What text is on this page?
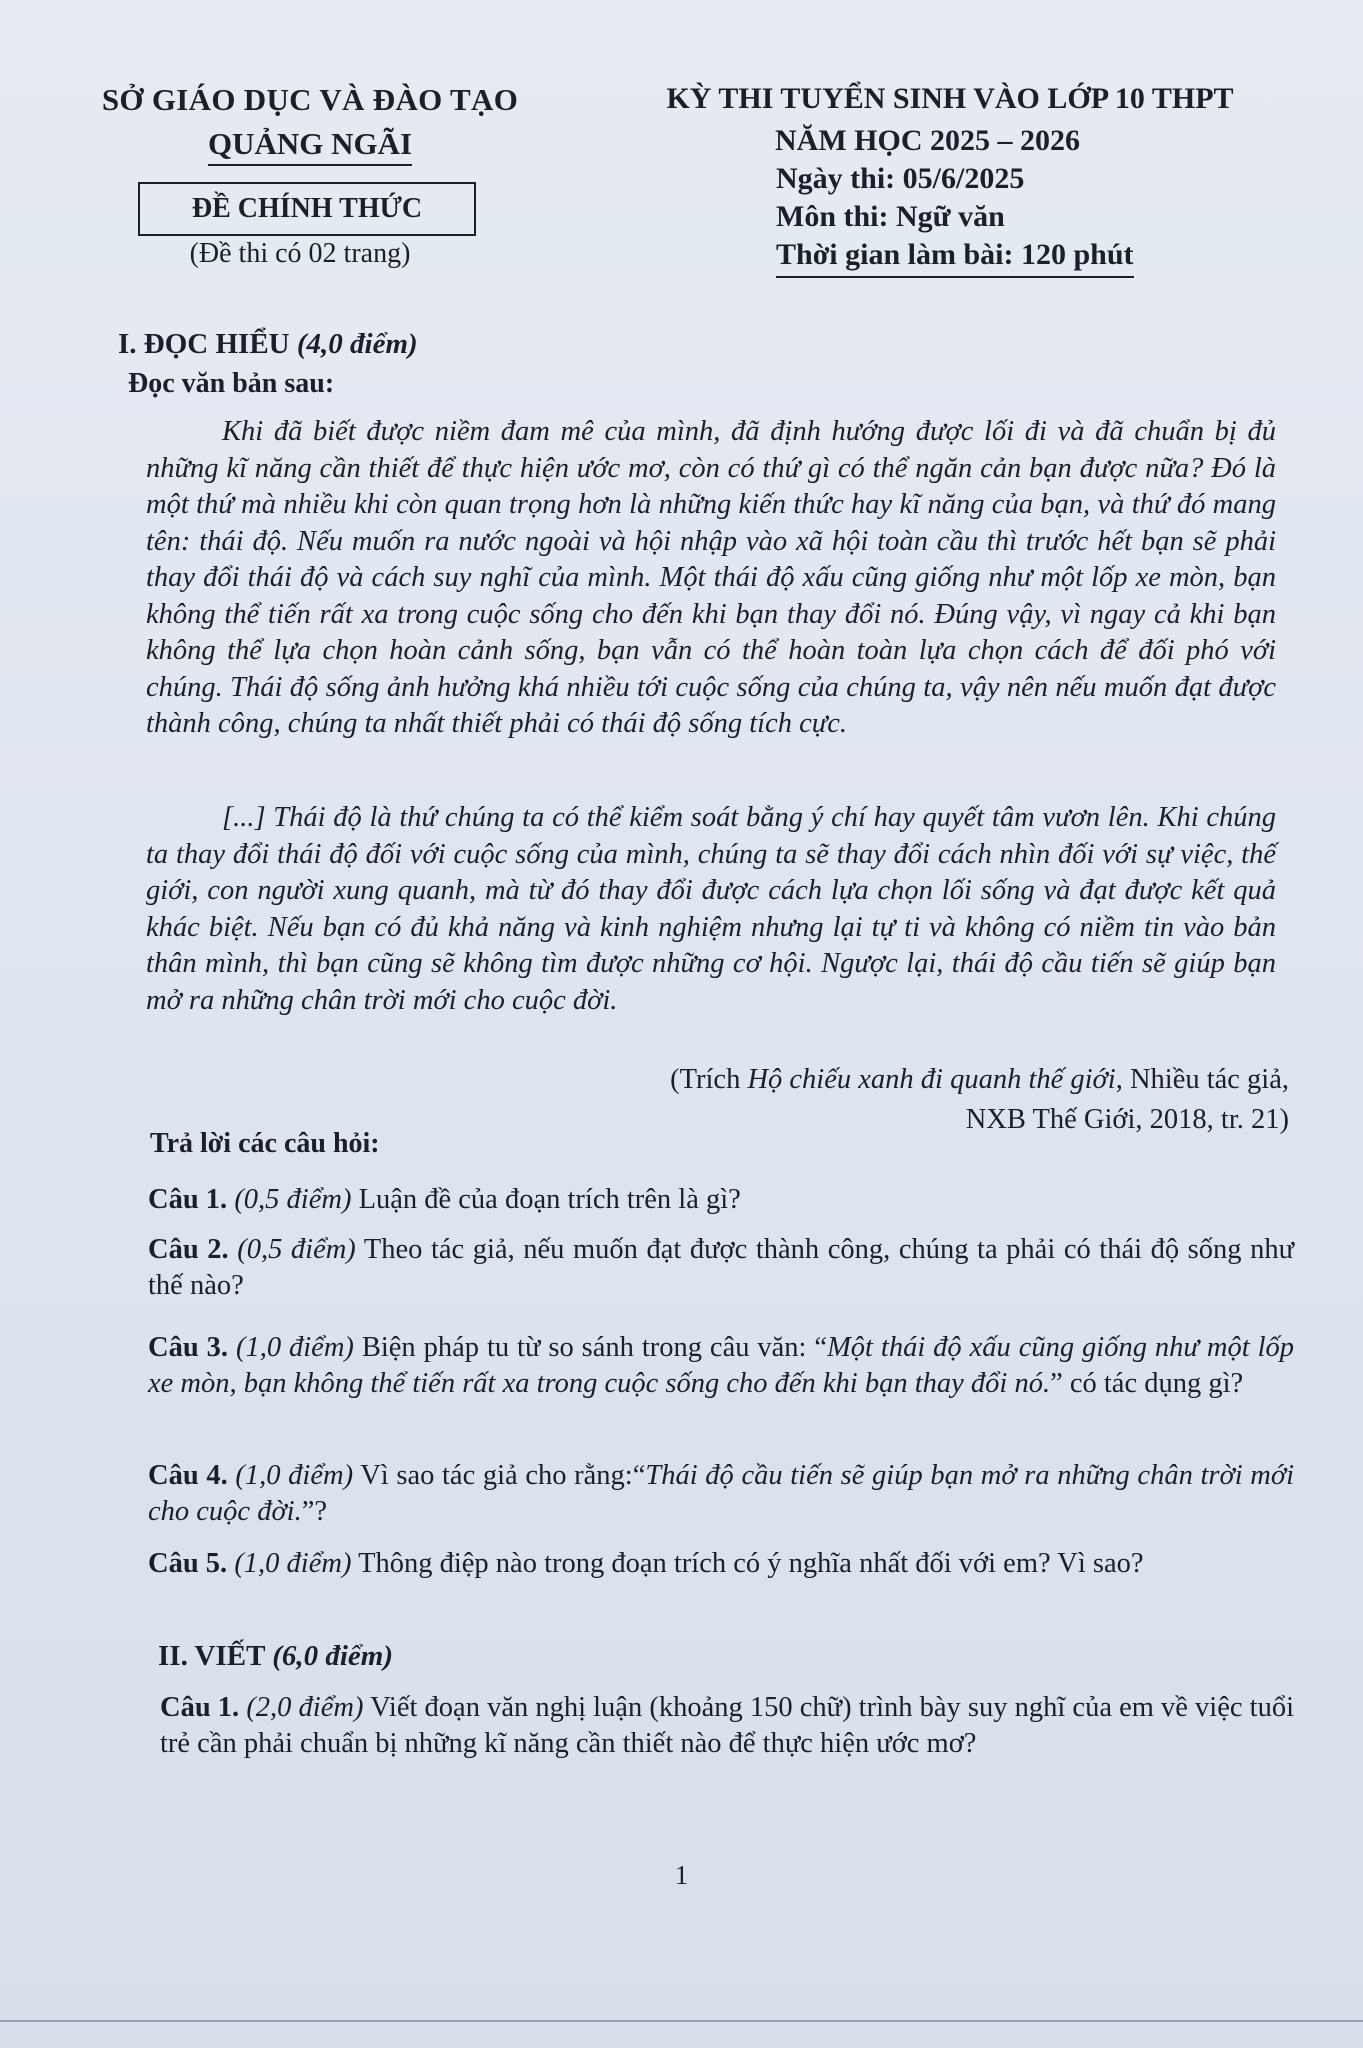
SỞ GIÁO DỤC VÀ ĐÀO TẠO
QUẢNG NGÃI
ĐỀ CHÍNH THỨC
(Đề thi có 02 trang)
KỲ THI TUYỂN SINH VÀO LỚP 10 THPT
NĂM HỌC 2025 – 2026
Ngày thi: 05/6/2025
Môn thi: Ngữ văn
Thời gian làm bài: 120 phút
I. ĐỌC HIỂU (4,0 điểm)
Đọc văn bản sau:

Khi đã biết được niềm đam mê của mình, đã định hướng được lối đi và đã chuẩn bị đủ những kĩ năng cần thiết để thực hiện ước mơ, còn có thứ gì có thể ngăn cản bạn được nữa? Đó là một thứ mà nhiều khi còn quan trọng hơn là những kiến thức hay kĩ năng của bạn, và thứ đó mang tên: thái độ. Nếu muốn ra nước ngoài và hội nhập vào xã hội toàn cầu thì trước hết bạn sẽ phải thay đổi thái độ và cách suy nghĩ của mình. Một thái độ xấu cũng giống như một lốp xe mòn, bạn không thể tiến rất xa trong cuộc sống cho đến khi bạn thay đổi nó. Đúng vậy, vì ngay cả khi bạn không thể lựa chọn hoàn cảnh sống, bạn vẫn có thể hoàn toàn lựa chọn cách để đối phó với chúng. Thái độ sống ảnh hưởng khá nhiều tới cuộc sống của chúng ta, vậy nên nếu muốn đạt được thành công, chúng ta nhất thiết phải có thái độ sống tích cực.

[...] Thái độ là thứ chúng ta có thể kiểm soát bằng ý chí hay quyết tâm vươn lên. Khi chúng ta thay đổi thái độ đối với cuộc sống của mình, chúng ta sẽ thay đổi cách nhìn đối với sự việc, thế giới, con người xung quanh, mà từ đó thay đổi được cách lựa chọn lối sống và đạt được kết quả khác biệt. Nếu bạn có đủ khả năng và kinh nghiệm nhưng lại tự ti và không có niềm tin vào bản thân mình, thì bạn cũng sẽ không tìm được những cơ hội. Ngược lại, thái độ cầu tiến sẽ giúp bạn mở ra những chân trời mới cho cuộc đời.

(Trích Hộ chiếu xanh đi quanh thế giới, Nhiều tác giả,
NXB Thế Giới, 2018, tr. 21)
Trả lời các câu hỏi:
Câu 1. (0,5 điểm) Luận đề của đoạn trích trên là gì?
Câu 2. (0,5 điểm) Theo tác giả, nếu muốn đạt được thành công, chúng ta phải có thái độ sống như thế nào?
Câu 3. (1,0 điểm) Biện pháp tu từ so sánh trong câu văn: “Một thái độ xấu cũng giống như một lốp xe mòn, bạn không thể tiến rất xa trong cuộc sống cho đến khi bạn thay đổi nó.” có tác dụng gì?
Câu 4. (1,0 điểm) Vì sao tác giả cho rằng:“Thái độ cầu tiến sẽ giúp bạn mở ra những chân trời mới cho cuộc đời.”?
Câu 5. (1,0 điểm) Thông điệp nào trong đoạn trích có ý nghĩa nhất đối với em? Vì sao?
II. VIẾT (6,0 điểm)
Câu 1. (2,0 điểm) Viết đoạn văn nghị luận (khoảng 150 chữ) trình bày suy nghĩ của em về việc tuổi trẻ cần phải chuẩn bị những kĩ năng cần thiết nào để thực hiện ước mơ?
1
